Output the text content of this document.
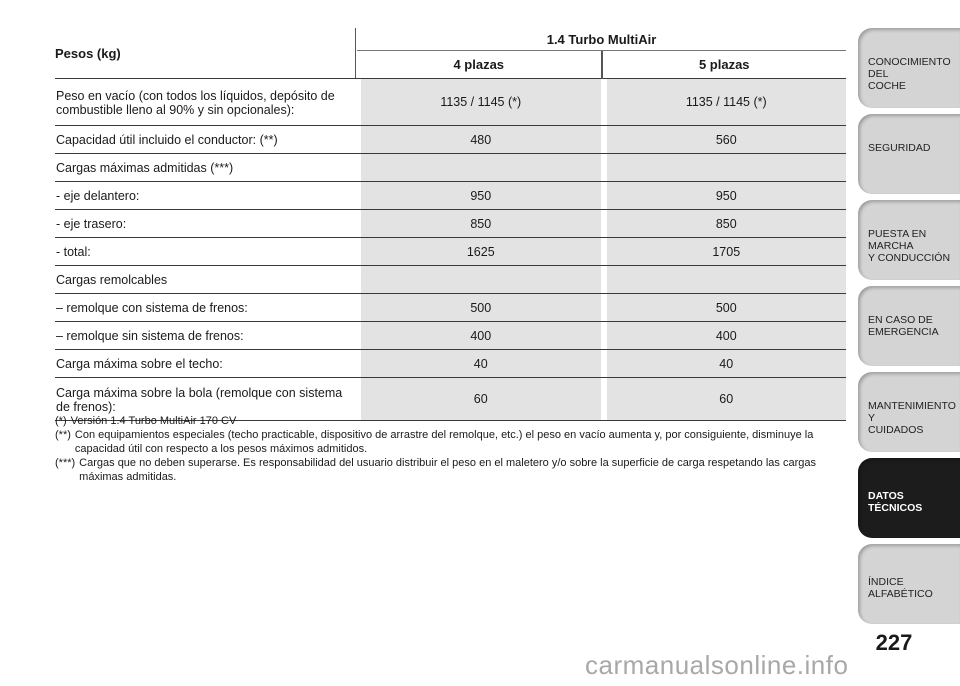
Pesos (kg)
1.4 Turbo MultiAir
4 plazas	5 plazas
Peso en vacío (con todos los líquidos, depósito de combustible lleno al 90% y sin opcionales):
1135 / 1145 (*)	1135 / 1145 (*)
Capacidad útil incluido el conductor: (**)	480	560
Cargas máximas admitidas (***)
- eje delantero:	950	950
- eje trasero:	850	850
- total:	1625	1705
Cargas remolcables
– remolque con sistema de frenos:	500	500
– remolque sin sistema de frenos:	400	400
Carga máxima sobre el techo:	40	40
Carga máxima sobre la bola (remolque con sistema de frenos):
60	60
(*) Versión 1.4 Turbo MultiAir 170 CV
(**) Con equipamientos especiales (techo practicable, dispositivo de arrastre del remolque, etc.) el peso en vacío aumenta y, por consiguiente, disminuye la capacidad útil con respecto a los pesos máximos admitidos.
(***) Cargas que no deben superarse. Es responsabilidad del usuario distribuir el peso en el maletero y/o sobre la superficie de carga respetando las cargas máximas admitidas.
CONOCIMIENTO DEL
COCHE
SEGURIDAD
PUESTA EN MARCHA
Y CONDUCCIÓN
EN CASO DE
EMERGENCIA
MANTENIMIENTO Y
CUIDADOS
DATOS TÉCNICOS
ÍNDICE ALFABÉTICO
227
carmanualsonline.info
